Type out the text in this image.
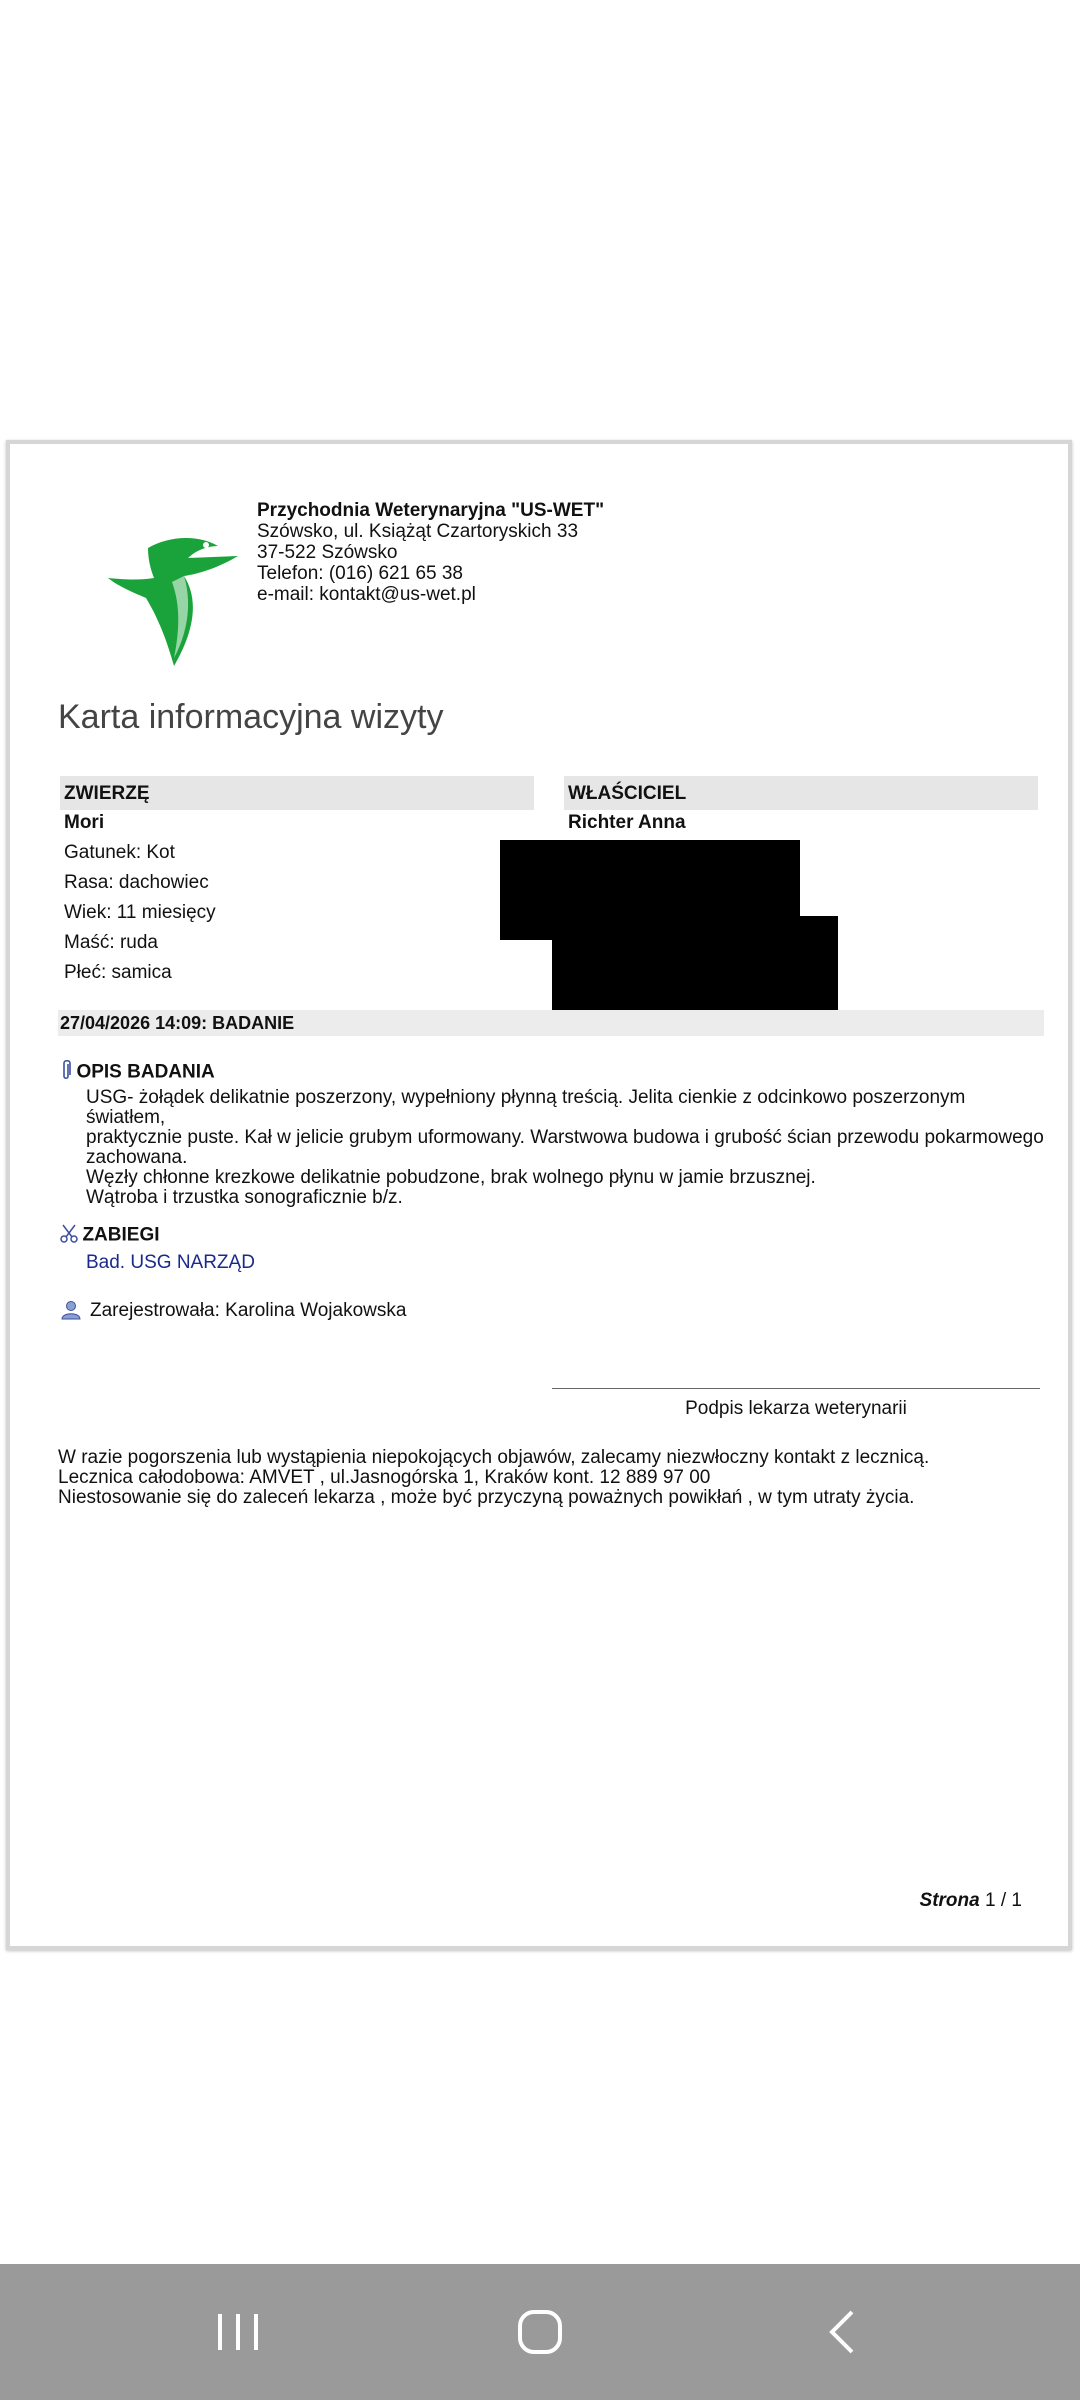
Przychodnia Weterynaryjna "US-WET"
Szówsko, ul. Książąt Czartoryskich 33
37-522 Szówsko
Telefon: (016) 621 65 38
e-mail: kontakt@us-wet.pl
Karta informacyjna wizyty
ZWIERZĘ	WŁAŚCICIEL
Mori	Richter Anna
Gatunek: Kot
Rasa: dachowiec
Wiek: 11 miesięcy
Maść: ruda
Płeć: samica
27/04/2026 14:09: BADANIE
OPIS BADANIA
USG- żołądek delikatnie poszerzony, wypełniony płynną treścią. Jelita cienkie z odcinkowo poszerzonym światłem,
praktycznie puste. Kał w jelicie grubym uformowany. Warstwowa budowa i grubość ścian przewodu pokarmowego
zachowana.
Węzły chłonne krezkowe delikatnie pobudzone, brak wolnego płynu w jamie brzusznej.
Wątroba i trzustka sonograficznie b/z.
ZABIEGI
Bad. USG NARZĄD
Zarejestrowała: Karolina Wojakowska
Podpis lekarza weterynarii
W razie pogorszenia lub wystąpienia niepokojących objawów, zalecamy niezwłoczny kontakt z lecznicą.
Lecznica całodobowa: AMVET , ul.Jasnogórska 1, Kraków kont. 12 889 97 00
Niestosowanie się do zaleceń lekarza , może być przyczyną poważnych powikłań , w tym utraty życia.
Strona 1 / 1
